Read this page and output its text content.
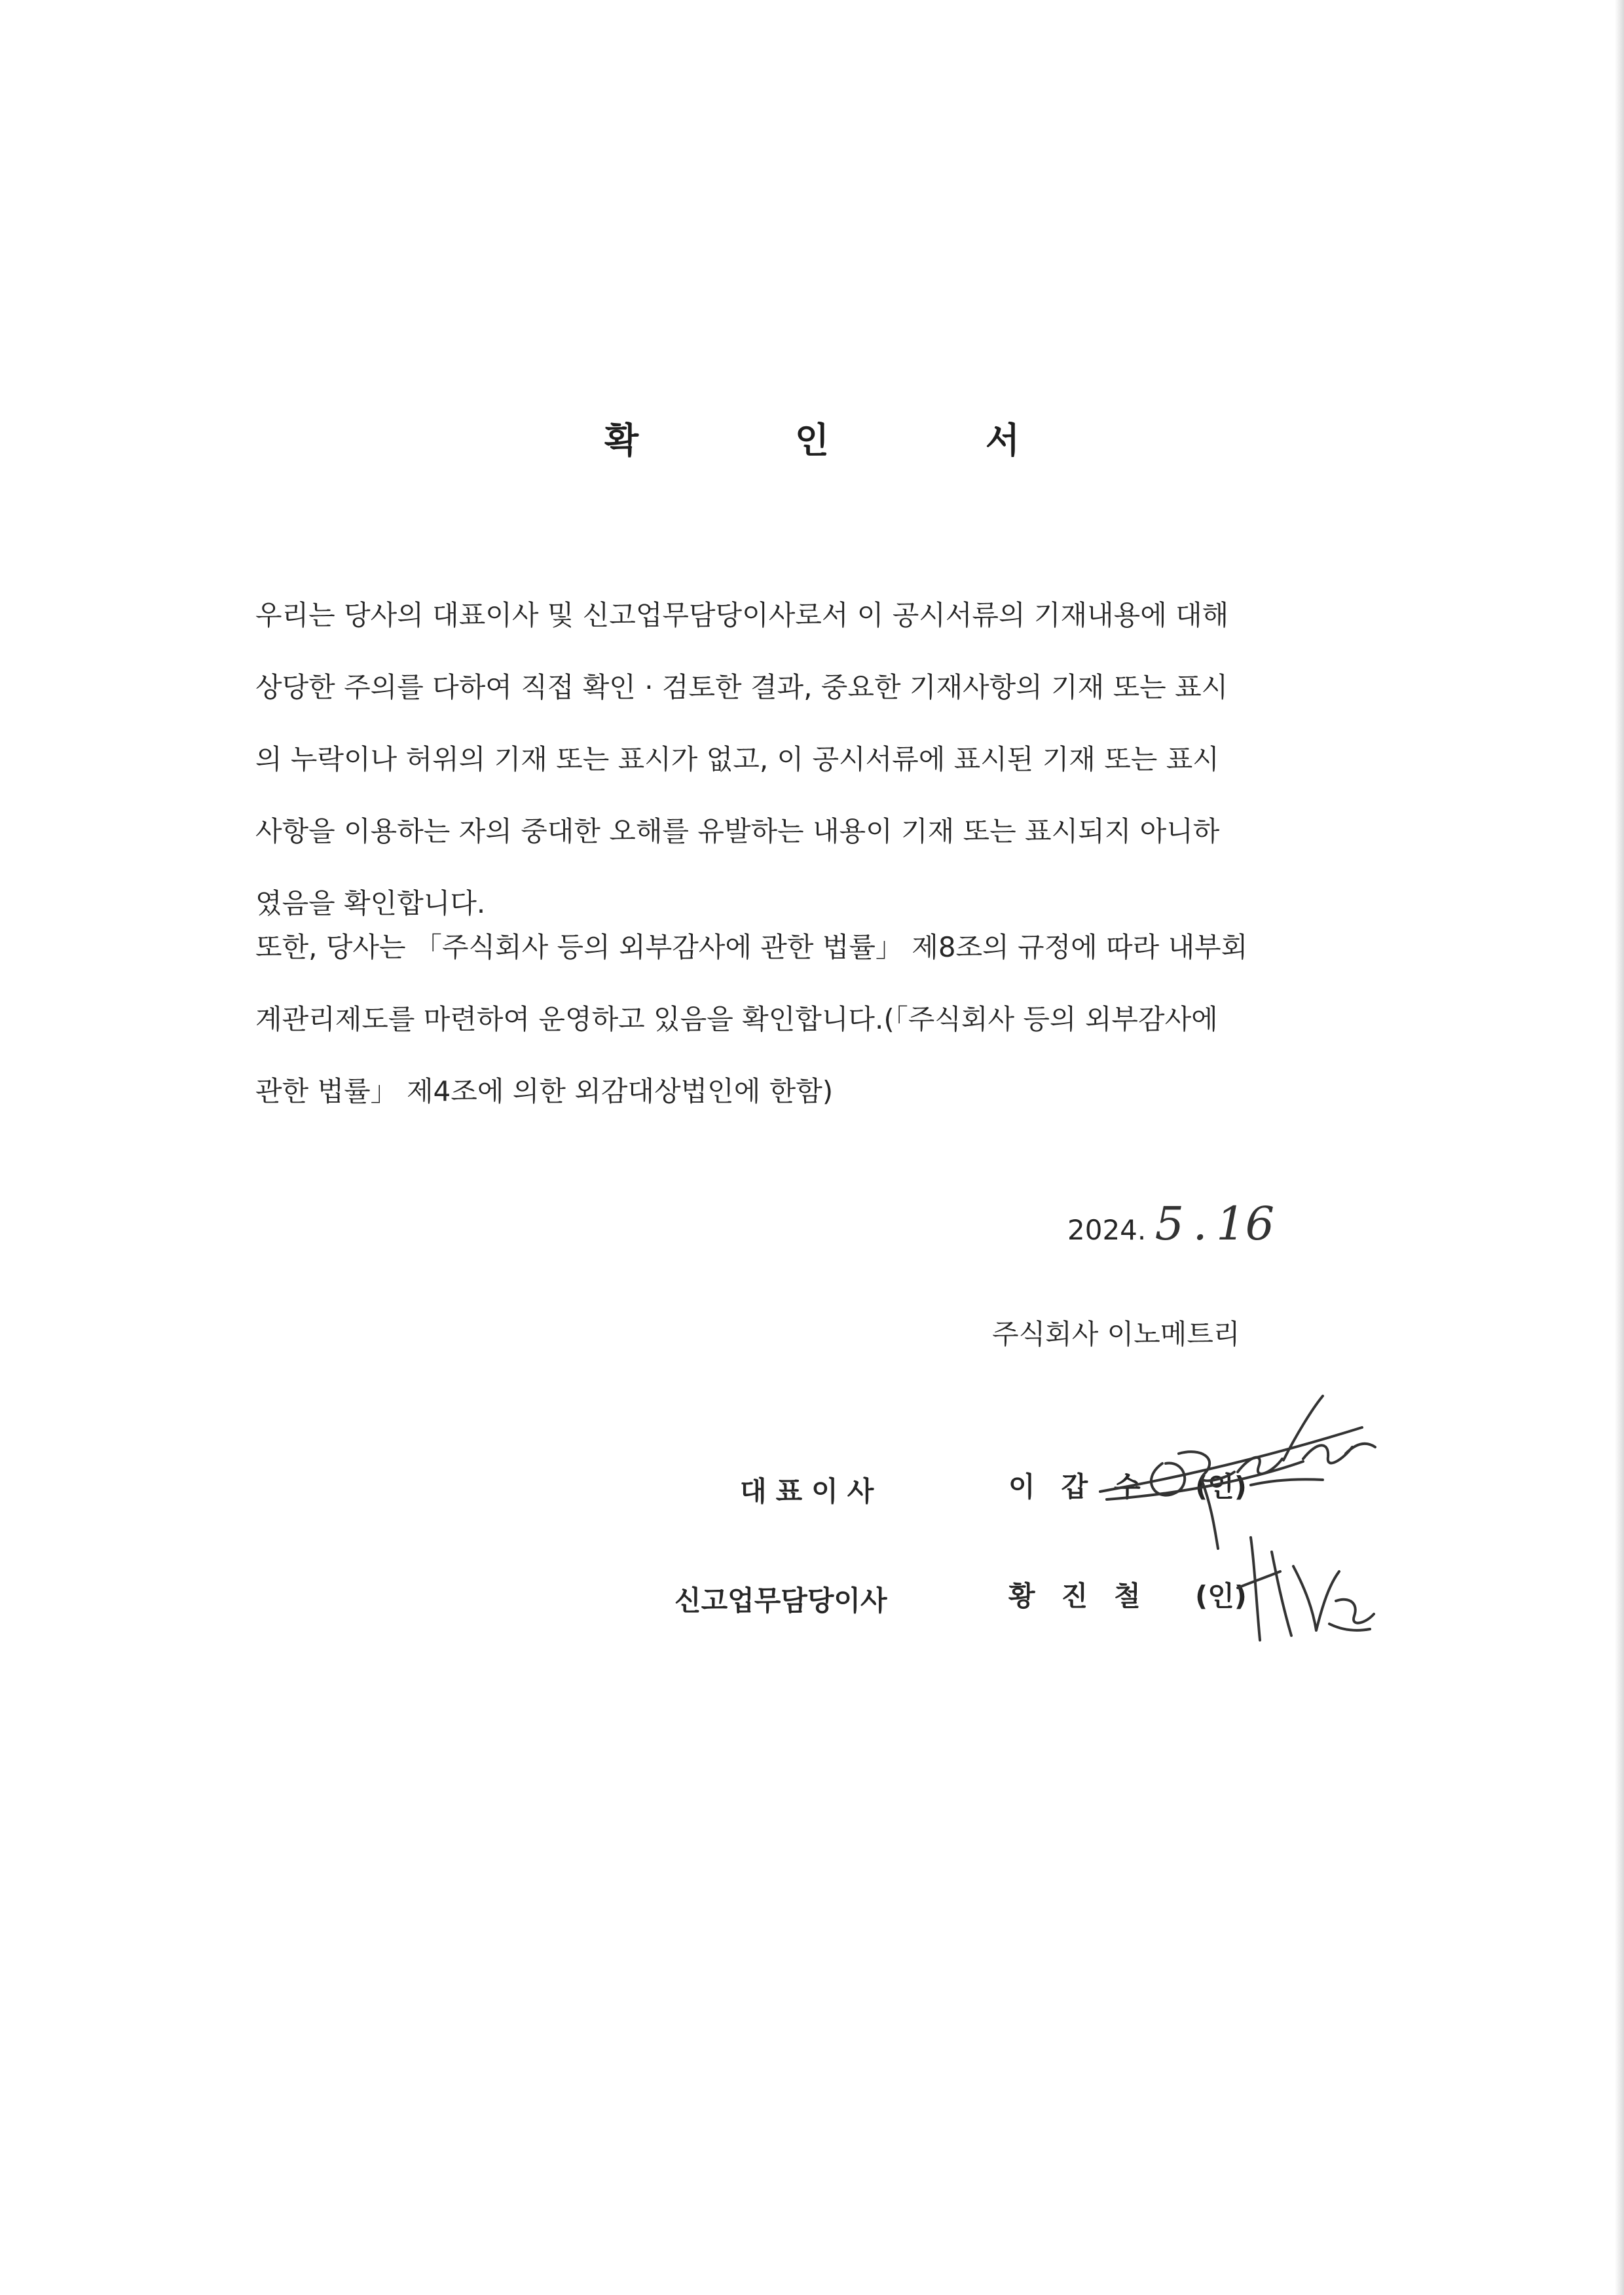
확 인 서
우리는 당사의 대표이사 및 신고업무담당이사로서 이 공시서류의 기재내용에 대해
상당한 주의를 다하여 직접 확인 · 검토한 결과, 중요한 기재사항의 기재 또는 표시
의 누락이나 허위의 기재 또는 표시가 없고, 이 공시서류에 표시된 기재 또는 표시
사항을 이용하는 자의 중대한 오해를 유발하는 내용이 기재 또는 표시되지 아니하
였음을 확인합니다.
또한, 당사는 「주식회사 등의 외부감사에 관한 법률」 제8조의 규정에 따라 내부회
계관리제도를 마련하여 운영하고 있음을 확인합니다.(「주식회사 등의 외부감사에
관한 법률」 제4조에 의한 외감대상법인에 한함)
2024. 5 . 16
주식회사 이노메트리
대표이사	이갑수 (인)
신고업무담당이사	황진철 (인)
